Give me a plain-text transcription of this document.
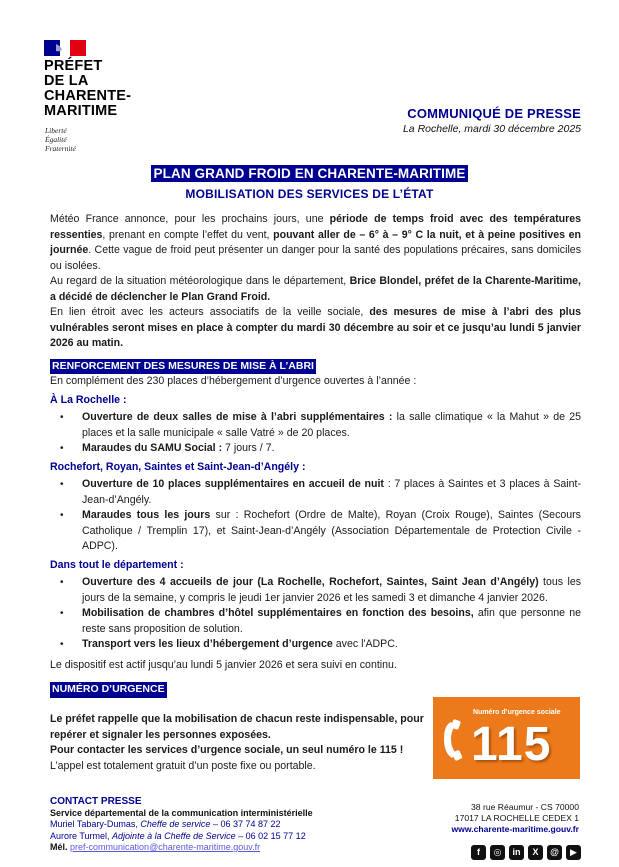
PRÉFET
DE LA
CHARENTE-
MARITIME
Liberté
Égalité
Fraternité
COMMUNIQUÉ DE PRESSE
La Rochelle, mardi 30 décembre 2025
PLAN GRAND FROID EN CHARENTE-MARITIME
MOBILISATION DES SERVICES DE L’ÉTAT

Météo France annonce, pour les prochains jours, une période de temps froid avec des températures ressenties, prenant en compte l’effet du vent, pouvant aller de – 6° à – 9° C la nuit, et à peine positives en journée. Cette vague de froid peut présenter un danger pour la santé des populations précaires, sans domiciles ou isolées.

Au regard de la situation météorologique dans le département, Brice Blondel, préfet de la Charente-Maritime, a décidé de déclencher le Plan Grand Froid.

En lien étroit avec les acteurs associatifs de la veille sociale, des mesures de mise à l’abri des plus vulnérables seront mises en place à compter du mardi 30 décembre au soir et ce jusqu’au lundi 5 janvier 2026 au matin.

RENFORCEMENT DES MESURES DE MISE À L’ABRI

En complément des 230 places d’hébergement d’urgence ouvertes à l’année :

À La Rochelle :
• Ouverture de deux salles de mise à l’abri supplémentaires : la salle climatique « la Mahut » de 25 places et la salle municipale « salle Vatré » de 20 places.
• Maraudes du SAMU Social : 7 jours / 7.
Rochefort, Royan, Saintes et Saint-Jean-d’Angély :
• Ouverture de 10 places supplémentaires en accueil de nuit : 7 places à Saintes et 3 places à Saint-Jean-d’Angély.
• Maraudes tous les jours sur : Rochefort (Ordre de Malte), Royan (Croix Rouge), Saintes (Secours Catholique / Tremplin 17), et Saint-Jean-d’Angély (Association Départementale de Protection Civile -ADPC).
Dans tout le département :
• Ouverture des 4 accueils de jour (La Rochelle, Rochefort, Saintes, Saint Jean d’Angély) tous les jours de la semaine, y compris le jeudi 1er janvier 2026 et les samedi 3 et dimanche 4 janvier 2026.
• Mobilisation de chambres d’hôtel supplémentaires en fonction des besoins, afin que personne ne reste sans proposition de solution.
• Transport vers les lieux d’hébergement d’urgence avec l'ADPC.

Le dispositif est actif jusqu’au lundi 5 janvier 2026 et sera suivi en continu.

NUMÉRO D’URGENCE
Le préfet rappelle que la mobilisation de chacun reste indispensable, pour repérer et signaler les personnes exposées.
Pour contacter les services d’urgence sociale, un seul numéro le 115 !
L’appel est totalement gratuit d’un poste fixe ou portable.
Numéro d’urgence sociale
115
CONTACT PRESSE
Service départemental de la communication interministérielle
Muriel Tabary-Dumas, Cheffe de service – 06 37 74 87 22
Aurore Turmel, Adjointe à la Cheffe de Service – 06 02 15 77 12
Mél. pref-communication@charente-maritime.gouv.fr
38 rue Réaumur - CS 70000
17017 LA ROCHELLE CEDEX 1
www.charente-maritime.gouv.fr
f	◎	in	X	@	▶
